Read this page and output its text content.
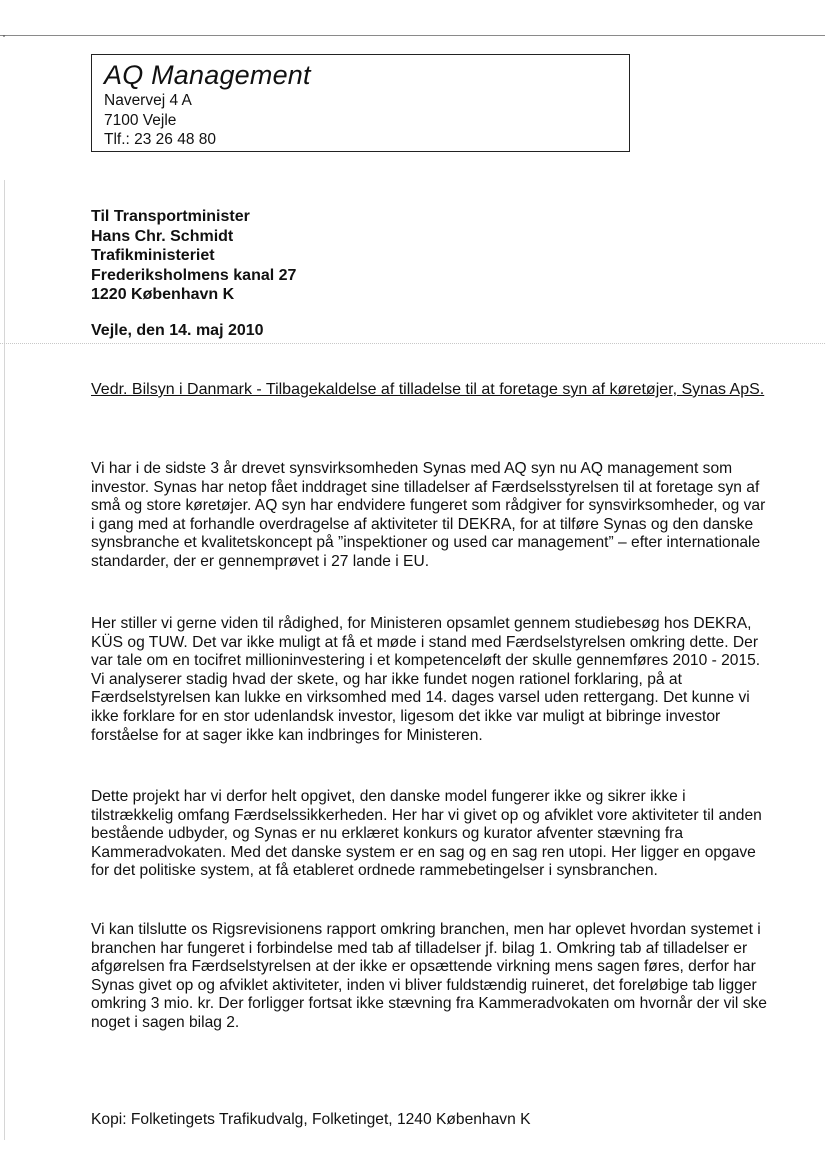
˯
AQ Management
Navervej 4 A
7100 Vejle
Tlf.: 23 26 48 80
Til Transportminister
Hans Chr. Schmidt
Trafikministeriet
Frederiksholmens kanal 27
1220 København K
Vejle, den 14. maj 2010
Vedr. Bilsyn i Danmark - Tilbagekaldelse af tilladelse til at foretage syn af køretøjer, Synas ApS.
Vi har i de sidste 3 år drevet synsvirksomheden Synas med AQ syn nu AQ management som investor. Synas har netop fået inddraget sine tilladelser af Færdselsstyrelsen til at foretage syn af små og store køretøjer. AQ syn har endvidere fungeret som rådgiver for synsvirksomheder, og var i gang med at forhandle overdragelse af aktiviteter til DEKRA, for at tilføre Synas og den danske synsbranche et kvalitetskoncept på ”inspektioner og used car management” – efter internationale standarder, der er gennemprøvet i 27 lande i EU.
Her stiller vi gerne viden til rådighed, for Ministeren opsamlet gennem studiebesøg hos DEKRA, KÜS og TUW. Det var ikke muligt at få et møde i stand med Færdselstyrelsen omkring dette. Der var tale om en tocifret millioninvestering i et kompetenceløft der skulle gennemføres 2010 - 2015. Vi analyserer stadig hvad der skete, og har ikke fundet nogen rationel forklaring, på at Færdselstyrelsen kan lukke en virksomhed med 14. dages varsel uden rettergang. Det kunne vi ikke forklare for en stor udenlandsk investor, ligesom det ikke var muligt at bibringe investor forståelse for at sager ikke kan indbringes for Ministeren.
Dette projekt har vi derfor helt opgivet, den danske model fungerer ikke og sikrer ikke i tilstrækkelig omfang Færdselssikkerheden. Her har vi givet op og afviklet vore aktiviteter til anden bestående udbyder, og Synas er nu erklæret konkurs og kurator afventer stævning fra Kammeradvokaten. Med det danske system er en sag og en sag ren utopi. Her ligger en opgave for det politiske system, at få etableret ordnede rammebetingelser i synsbranchen.
Vi kan tilslutte os Rigsrevisionens rapport omkring branchen, men har oplevet hvordan systemet i branchen har fungeret i forbindelse med tab af tilladelser jf. bilag 1. Omkring tab af tilladelser er afgørelsen fra Færdselstyrelsen at der ikke er opsættende virkning mens sagen føres, derfor har Synas givet op og afviklet aktiviteter, inden vi bliver fuldstændig ruineret, det foreløbige tab ligger omkring 3 mio. kr. Der forligger fortsat ikke stævning fra Kammeradvokaten om hvornår der vil ske noget i sagen bilag 2.
Kopi: Folketingets Trafikudvalg, Folketinget, 1240 København K
